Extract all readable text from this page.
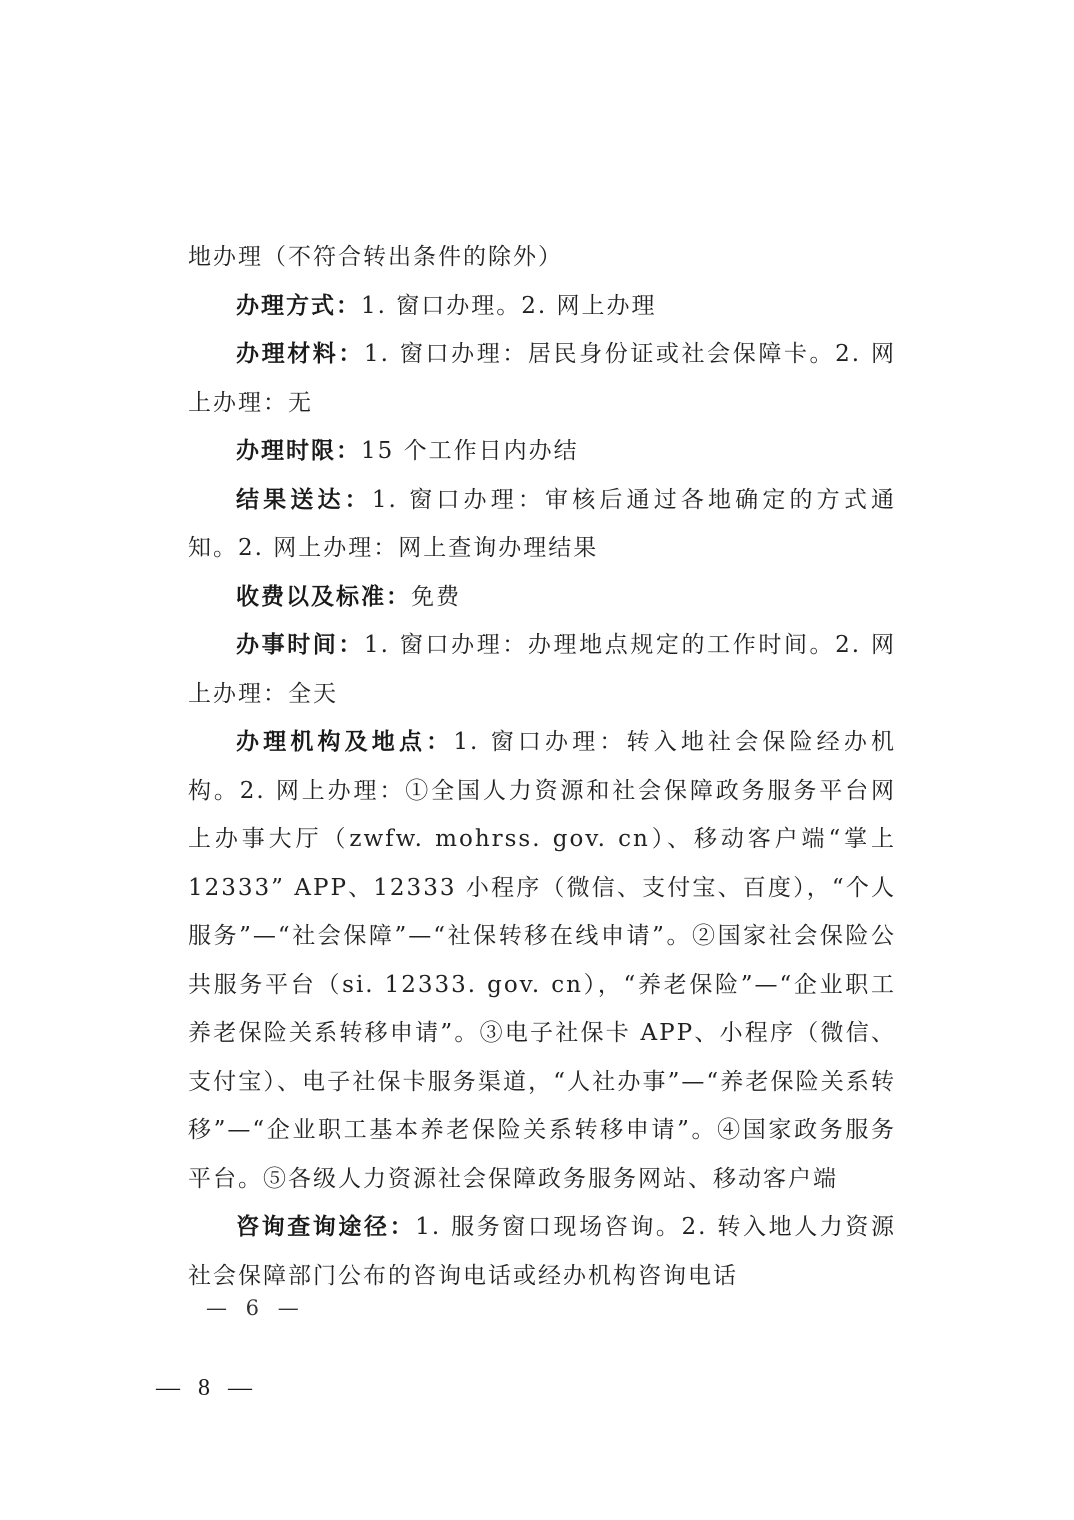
地办理（不符合转出条件的除外）

办理方式：1. 窗口办理。2. 网上办理

办理材料：1. 窗口办理：居民身份证或社会保障卡。2. 网上办理：无

办理时限：15 个工作日内办结

结果送达：1. 窗口办理：审核后通过各地确定的方式通知。2. 网上办理：网上查询办理结果

收费以及标准：免费

办事时间：1. 窗口办理：办理地点规定的工作时间。2. 网上办理：全天

办理机构及地点：1. 窗口办理：转入地社会保险经办机构。2. 网上办理：①全国人力资源和社会保障政务服务平台网上办事大厅（zwfw. mohrss. gov. cn）、移动客户端“掌上 12333” APP、12333 小程序（微信、支付宝、百度），“个人服务”—“社会保障”—“社保转移在线申请”。②国家社会保险公共服务平台（si. 12333. gov. cn），“养老保险”—“企业职工养老保险关系转移申请”。③电子社保卡 APP、小程序（微信、支付宝）、电子社保卡服务渠道，“人社办事”—“养老保险关系转移”—“企业职工基本养老保险关系转移申请”。④国家政务服务平台。⑤各级人力资源社会保障政务服务网站、移动客户端

咨询查询途径：1. 服务窗口现场咨询。2. 转入地人力资源社会保障部门公布的咨询电话或经办机构咨询电话

— 6 —
— 8 —
